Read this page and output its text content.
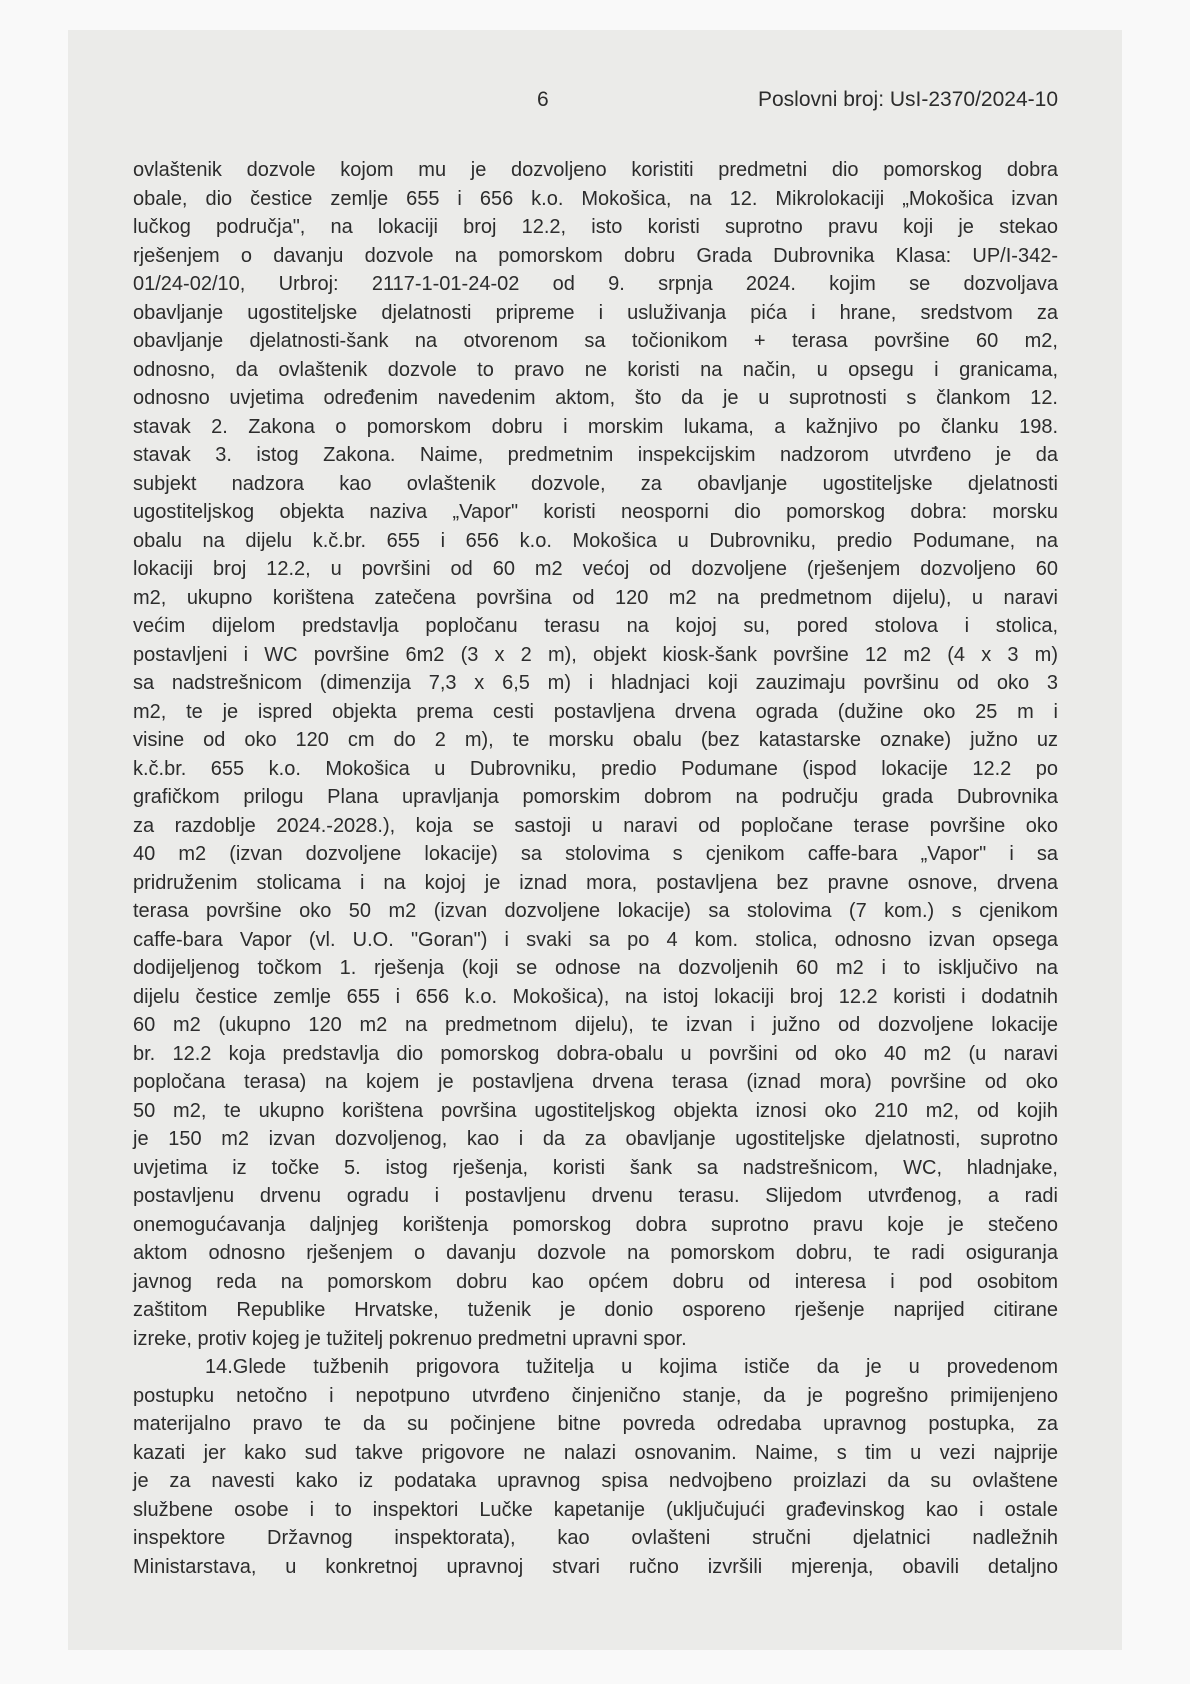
6	Poslovni broj: UsI-2370/2024-10
ovlaštenik dozvole kojom mu je dozvoljeno koristiti predmetni dio pomorskog dobra
obale, dio čestice zemlje 655 i 656 k.o. Mokošica, na 12. Mikrolokaciji „Mokošica izvan
lučkog područja", na lokaciji broj 12.2, isto koristi suprotno pravu koji je stekao
rješenjem o davanju dozvole na pomorskom dobru Grada Dubrovnika Klasa: UP/I-342-
01/24-02/10, Urbroj: 2117-1-01-24-02 od 9. srpnja 2024. kojim se dozvoljava
obavljanje ugostiteljske djelatnosti pripreme i usluživanja pića i hrane, sredstvom za
obavljanje djelatnosti-šank na otvorenom sa točionikom + terasa površine 60 m2,
odnosno, da ovlaštenik dozvole to pravo ne koristi na način, u opsegu i granicama,
odnosno uvjetima određenim navedenim aktom, što da je u suprotnosti s člankom 12.
stavak 2. Zakona o pomorskom dobru i morskim lukama, a kažnjivo po članku 198.
stavak 3. istog Zakona. Naime, predmetnim inspekcijskim nadzorom utvrđeno je da
subjekt nadzora kao ovlaštenik dozvole, za obavljanje ugostiteljske djelatnosti
ugostiteljskog objekta naziva „Vapor" koristi neosporni dio pomorskog dobra: morsku
obalu na dijelu k.č.br. 655 i 656 k.o. Mokošica u Dubrovniku, predio Podumane, na
lokaciji broj 12.2, u površini od 60 m2 većoj od dozvoljene (rješenjem dozvoljeno 60
m2, ukupno korištena zatečena površina od 120 m2 na predmetnom dijelu), u naravi
većim dijelom predstavlja popločanu terasu na kojoj su, pored stolova i stolica,
postavljeni i WC površine 6m2 (3 x 2 m), objekt kiosk-šank površine 12 m2 (4 x 3 m)
sa nadstrešnicom (dimenzija 7,3 x 6,5 m) i hladnjaci koji zauzimaju površinu od oko 3
m2, te je ispred objekta prema cesti postavljena drvena ograda (dužine oko 25 m i
visine od oko 120 cm do 2 m), te morsku obalu (bez katastarske oznake) južno uz
k.č.br. 655 k.o. Mokošica u Dubrovniku, predio Podumane (ispod lokacije 12.2 po
grafičkom prilogu Plana upravljanja pomorskim dobrom na području grada Dubrovnika
za razdoblje 2024.-2028.), koja se sastoji u naravi od popločane terase površine oko
40 m2 (izvan dozvoljene lokacije) sa stolovima s cjenikom caffe-bara „Vapor" i sa
pridruženim stolicama i na kojoj je iznad mora, postavljena bez pravne osnove, drvena
terasa površine oko 50 m2 (izvan dozvoljene lokacije) sa stolovima (7 kom.) s cjenikom
caffe-bara Vapor (vl. U.O. "Goran") i svaki sa po 4 kom. stolica, odnosno izvan opsega
dodijeljenog točkom 1. rješenja (koji se odnose na dozvoljenih 60 m2 i to isključivo na
dijelu čestice zemlje 655 i 656 k.o. Mokošica), na istoj lokaciji broj 12.2 koristi i dodatnih
60 m2 (ukupno 120 m2 na predmetnom dijelu), te izvan i južno od dozvoljene lokacije
br. 12.2 koja predstavlja dio pomorskog dobra-obalu u površini od oko 40 m2 (u naravi
popločana terasa) na kojem je postavljena drvena terasa (iznad mora) površine od oko
50 m2, te ukupno korištena površina ugostiteljskog objekta iznosi oko 210 m2, od kojih
je 150 m2 izvan dozvoljenog, kao i da za obavljanje ugostiteljske djelatnosti, suprotno
uvjetima iz točke 5. istog rješenja, koristi šank sa nadstrešnicom, WC, hladnjake,
postavljenu drvenu ogradu i postavljenu drvenu terasu. Slijedom utvrđenog, a radi
onemogućavanja daljnjeg korištenja pomorskog dobra suprotno pravu koje je stečeno
aktom odnosno rješenjem o davanju dozvole na pomorskom dobru, te radi osiguranja
javnog reda na pomorskom dobru kao općem dobru od interesa i pod osobitom
zaštitom Republike Hrvatske, tuženik je donio osporeno rješenje naprijed citirane
izreke, protiv kojeg je tužitelj pokrenuo predmetni upravni spor.
14.Glede tužbenih prigovora tužitelja u kojima ističe da je u provedenom
postupku netočno i nepotpuno utvrđeno činjenično stanje, da je pogrešno primijenjeno
materijalno pravo te da su počinjene bitne povreda odredaba upravnog postupka, za
kazati jer kako sud takve prigovore ne nalazi osnovanim. Naime, s tim u vezi najprije
je za navesti kako iz podataka upravnog spisa nedvojbeno proizlazi da su ovlaštene
službene osobe i to inspektori Lučke kapetanije (uključujući građevinskog kao i ostale
inspektore Državnog inspektorata), kao ovlašteni stručni djelatnici nadležnih
Ministarstava, u konkretnoj upravnoj stvari ručno izvršili mjerenja, obavili detaljno
